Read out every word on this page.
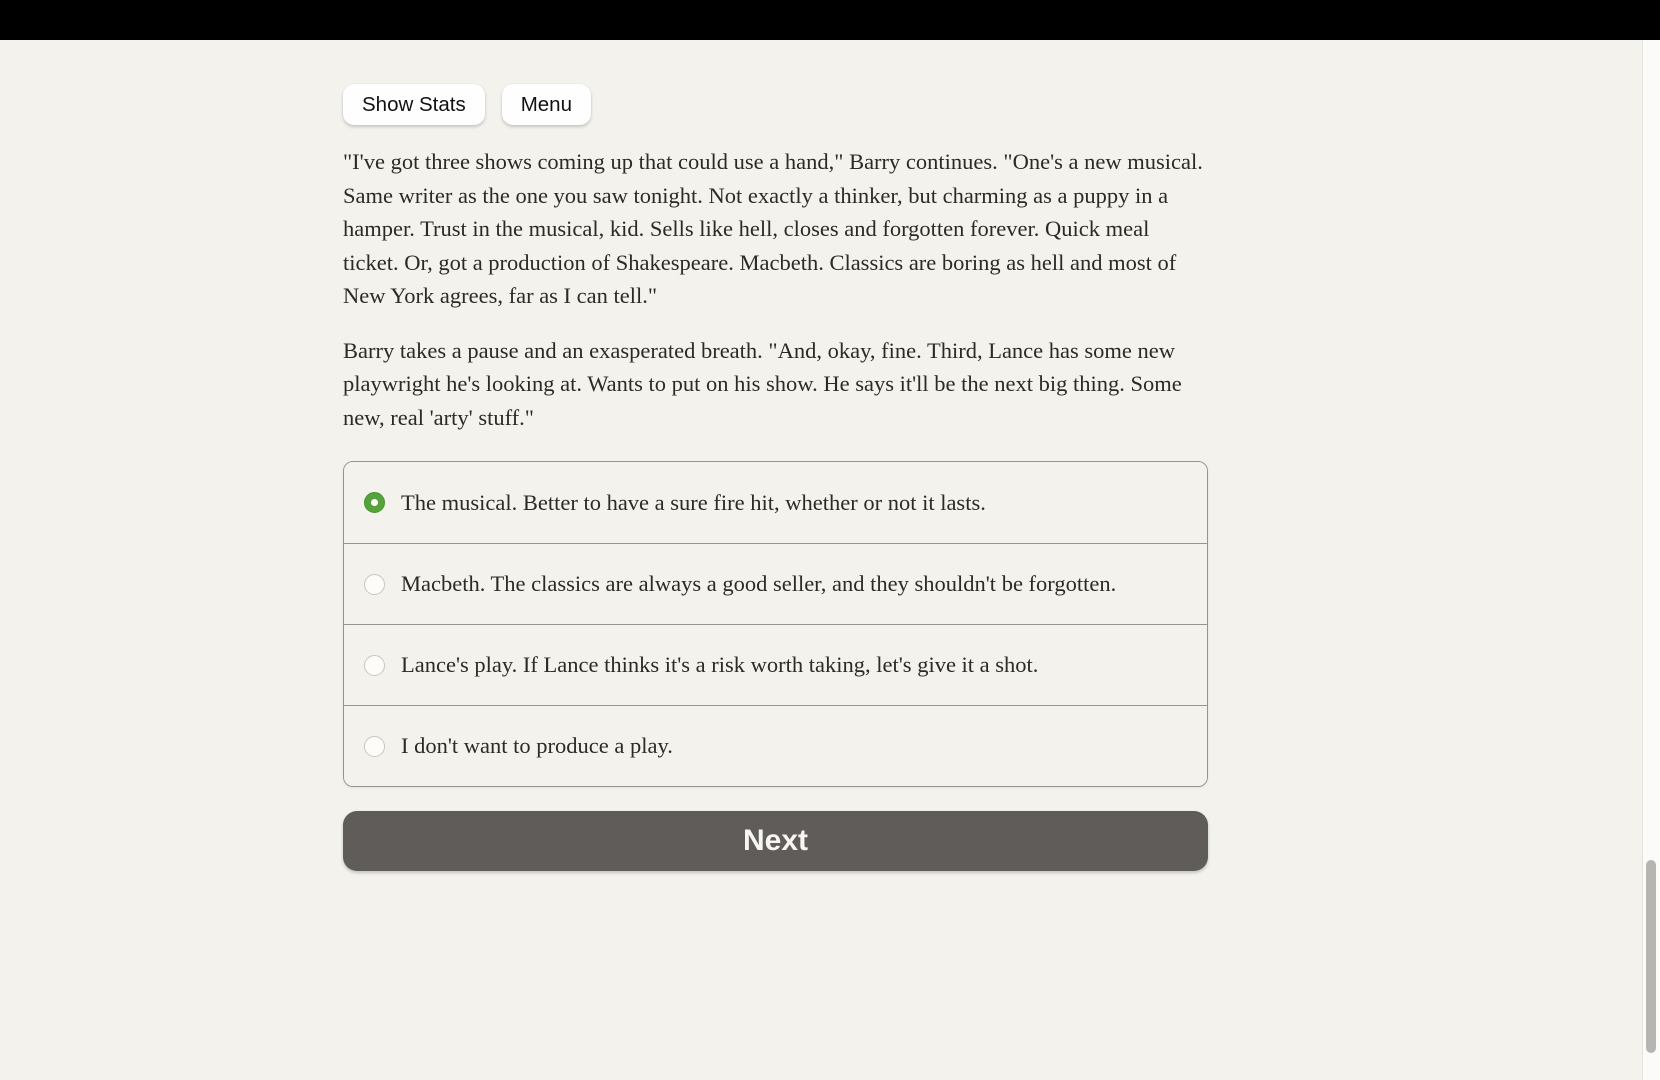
Show Stats	Menu

"I've got three shows coming up that could use a hand," Barry continues. "One's a new musical. Same writer as the one you saw tonight. Not exactly a thinker, but charming as a puppy in a hamper. Trust in the musical, kid. Sells like hell, closes and forgotten forever. Quick meal ticket. Or, got a production of Shakespeare. Macbeth. Classics are boring as hell and most of New York agrees, far as I can tell."

Barry takes a pause and an exasperated breath. "And, okay, fine. Third, Lance has some new playwright he's looking at. Wants to put on his show. He says it'll be the next big thing. Some new, real 'arty' stuff."

The musical. Better to have a sure fire hit, whether or not it lasts.
Macbeth. The classics are always a good seller, and they shouldn't be forgotten.
Lance's play. If Lance thinks it's a risk worth taking, let's give it a shot.
I don't want to produce a play.
Next
